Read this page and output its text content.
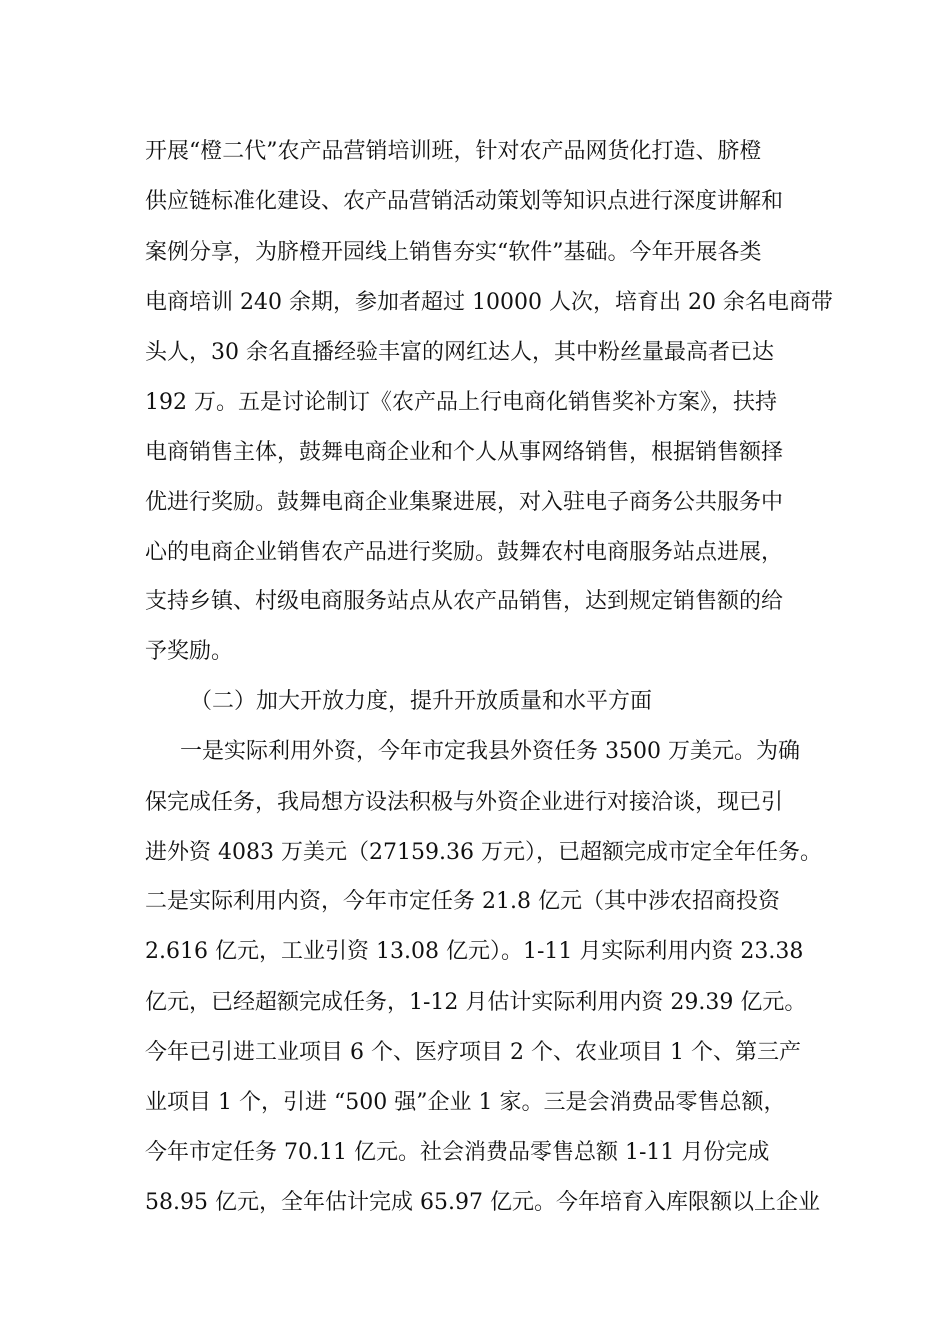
开展“橙二代”农产品营销培训班，针对农产品网货化打造、脐橙

供应链标准化建设、农产品营销活动策划等知识点进行深度讲解和

案例分享，为脐橙开园线上销售夯实“软件”基础。今年开展各类

电商培训 240 余期，参加者超过 10000 人次，培育出 20 余名电商带

头人，30 余名直播经验丰富的网红达人，其中粉丝量最高者已达

192 万。五是讨论制订《农产品上行电商化销售奖补方案》，扶持

电商销售主体，鼓舞电商企业和个人从事网络销售，根据销售额择

优进行奖励。鼓舞电商企业集聚进展，对入驻电子商务公共服务中

心的电商企业销售农产品进行奖励。鼓舞农村电商服务站点进展，

支持乡镇、村级电商服务站点从农产品销售，达到规定销售额的给

予奖励。

（二）加大开放力度，提升开放质量和水平方面

一是实际利用外资，今年市定我县外资任务 3500 万美元。为确

保完成任务，我局想方设法积极与外资企业进行对接洽谈，现已引

进外资 4083 万美元（27159.36 万元），已超额完成市定全年任务。

二是实际利用内资，今年市定任务 21.8 亿元（其中涉农招商投资

2.616 亿元，工业引资 13.08 亿元）。1-11 月实际利用内资 23.38

亿元，已经超额完成任务，1-12 月估计实际利用内资 29.39 亿元。

今年已引进工业项目 6 个、医疗项目 2 个、农业项目 1 个、第三产

业项目 1 个，引进 “500 强”企业 1 家。三是会消费品零售总额，

今年市定任务 70.11 亿元。社会消费品零售总额 1-11 月份完成

58.95 亿元，全年估计完成 65.97 亿元。今年培育入库限额以上企业
